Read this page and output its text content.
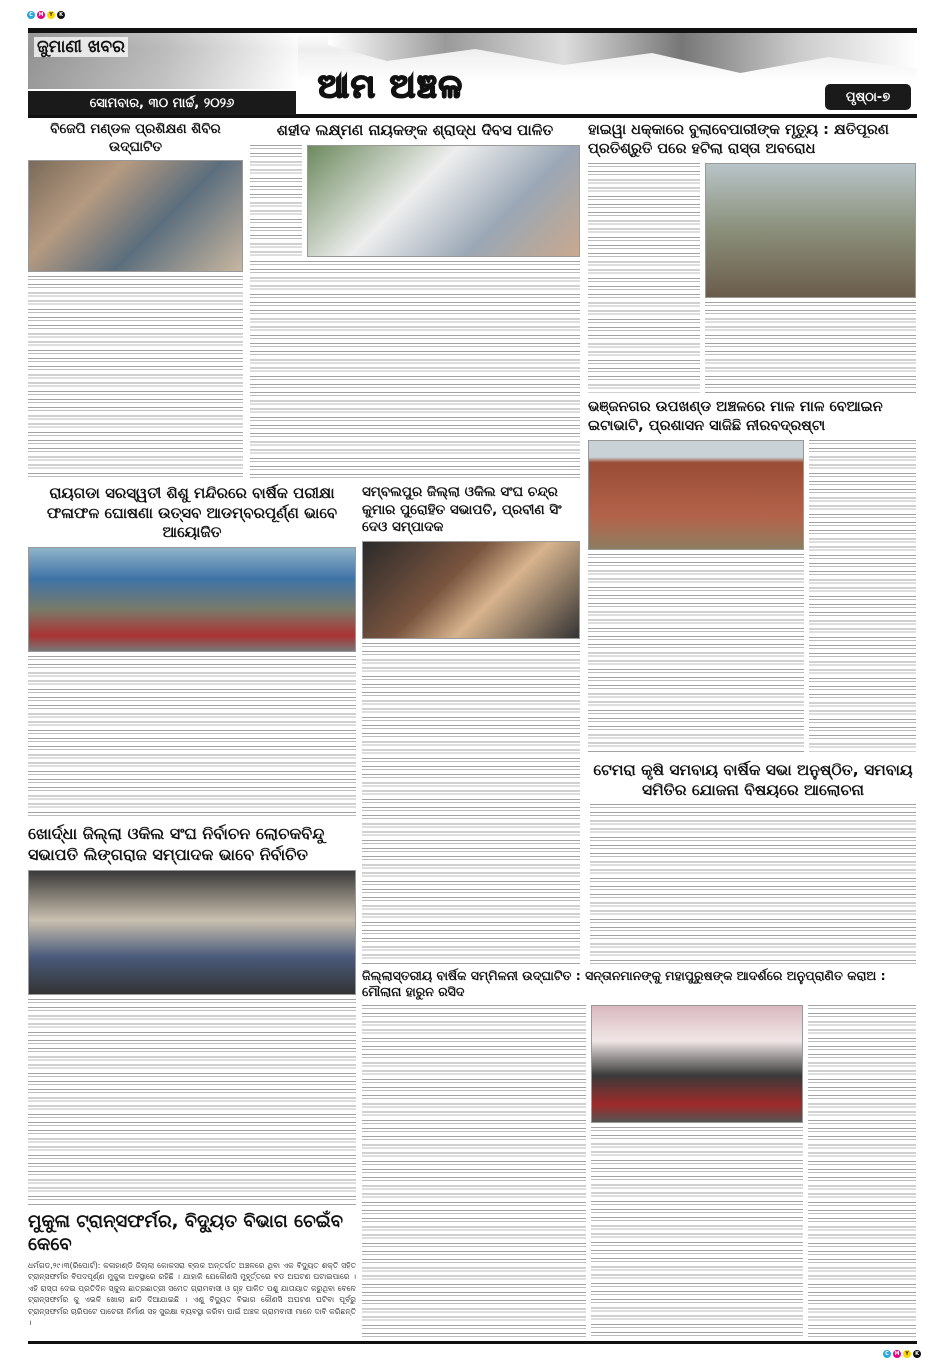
C	M	Y	K
ଜୁମାଣୀ ଖବର
ସୋମବାର, ୩୦ ମାର୍ଚ୍ଚ, ୨୦୨୬	ଆମ ଅଞ୍ଚଳ	ପୃଷ୍ଠା-୭
ବିଜେପି ମଣ୍ଡଳ ପ୍ରଶିକ୍ଷଣ ଶିବିର ଉଦ୍‌ଘାଟିତ
ଶହୀଦ ଲକ୍ଷ୍ମଣ ନାୟକଙ୍କ ଶ୍ରାଦ୍ଧ ଦିବସ ପାଳିତ	ହାଇୱା ଧକ୍କାରେ ବୁଲାବେପାରୀଙ୍କ ମୃତ୍ୟୁ : କ୍ଷତିପୂରଣ ପ୍ରତିଶ୍ରୁତି ପରେ ହଟିଲା ରାସ୍ତା ଅବରୋଧ
ଭଞ୍ଜନଗର ଉପଖଣ୍ଡ ଅଞ୍ଚଳରେ ମାଳ ମାଳ ବେଆଇନ ଇଟାଭାଟି, ପ୍ରଶାସନ ସାଜିଛି ନୀରବଦ୍ରଷ୍ଟା
ରାୟଗଡା ସରସ୍ୱତୀ ଶିଶୁ ମନ୍ଦିରରେ ବାର୍ଷିକ ପରୀକ୍ଷା ଫଳାଫଳ ଘୋଷଣା ଉତ୍ସବ ଆଡମ୍ବରପୂର୍ଣ୍ଣ ଭାବେ ଆୟୋଜିତ
ସମ୍ବଲପୁର ଜିଲ୍ଲା ଓକିଲ ସଂଘ ଚନ୍ଦ୍ର କୁମାର ପୁରୋହିତ ସଭାପତି, ପ୍ରବୀଣ ସିଂ ଦେଓ ସମ୍ପାଦକ
ଟେମରା କୃଷି ସମବାୟ ବାର୍ଷିକ ସଭା ଅନୁଷ୍ଠିତ, ସମବାୟ ସମିତିର ଯୋଜନା ବିଷୟରେ ଆଲୋଚନା
ଖୋର୍ଦ୍ଧା ଜିଲ୍ଲା ଓକିଲ ସଂଘ ନିର୍ବାଚନ ଲୋଚକବିନ୍ଦୁ ସଭାପତି ଲିଙ୍ଗରାଜ ସମ୍ପାଦକ ଭାବେ ନିର୍ବାଚିତ
ଜିଲ୍ଲାସ୍ତରୀୟ ବାର୍ଷିକ ସମ୍ମିଳନୀ ଉଦ୍‌ଘାଟିତ : ସନ୍ତାନମାନଙ୍କୁ ମହାପୁରୁଷଙ୍କ ଆଦର୍ଶରେ ଅନୁପ୍ରାଣିତ କରାଅ : ମୌଲାନା ହାରୁନ ରସିଦ
ମୁକୁଳା ଟ୍ରାନ୍ସଫର୍ମର, ବିଦ୍ୟୁତ ବିଭାଗ ଚେଇଁବ କେବେ
ଧର୍ମଗଡ,୨୯।୩(ରିପୋର୍ଟ): କଳାହାଣ୍ଡି ଜିଲ୍ଲା କୋକସରା ବ୍ଲକ ଅନ୍ତର୍ଗତ ଅଞ୍ଚଳରେ ଥିବା ଏକ ବିଦ୍ୟୁତ ଶକ୍ତି ସହିତ ଟ୍ରାନ୍ସଫର୍ମର ବିପଦପୂର୍ଣ୍ଣ ମୁକୁଳା ଅବସ୍ଥାରେ ରହିଛି । ଯାହାକି ଯେକୌଣସି ମୁହୂର୍ତ୍ତରେ ବଡ ଅଘଟଣ ଘଟାଇପାରେ । ଏହି ରାସ୍ତା ଦେଇ ପ୍ରତିଦିନ ସ୍କୁଲ ଛାତ୍ରଛାତ୍ରୀ ସମେତ ଗ୍ରାମବାସୀ ଓ ଗୃହ ପାଳିତ ପଶୁ ଯାତାୟାତ କରୁଥିବା ବେଳେ ଟ୍ରାନ୍ସଫର୍ମର କୁ ଏଭଳି ଖୋଲା ଛାଡି ଦିଆଯାଇଛି । ଏଣୁ ବିଦ୍ୟୁତ ବିଭାଗ କୌଣସି ଅଘଟଣ ଘଟିବା ପୂର୍ବରୁ ଟ୍ରାନ୍ସଫର୍ମର ଚାରିପଟେ ପାଚେରୀ ନିର୍ମାଣ ସହ ସୁରକ୍ଷା ବ୍ୟବସ୍ଥା କରିବା ପାଇଁ ଅଞ୍ଚଳ ଗ୍ରାମବାସୀ ମାନେ ଦାବି କରିଛନ୍ତି ।
C	M	Y	K
